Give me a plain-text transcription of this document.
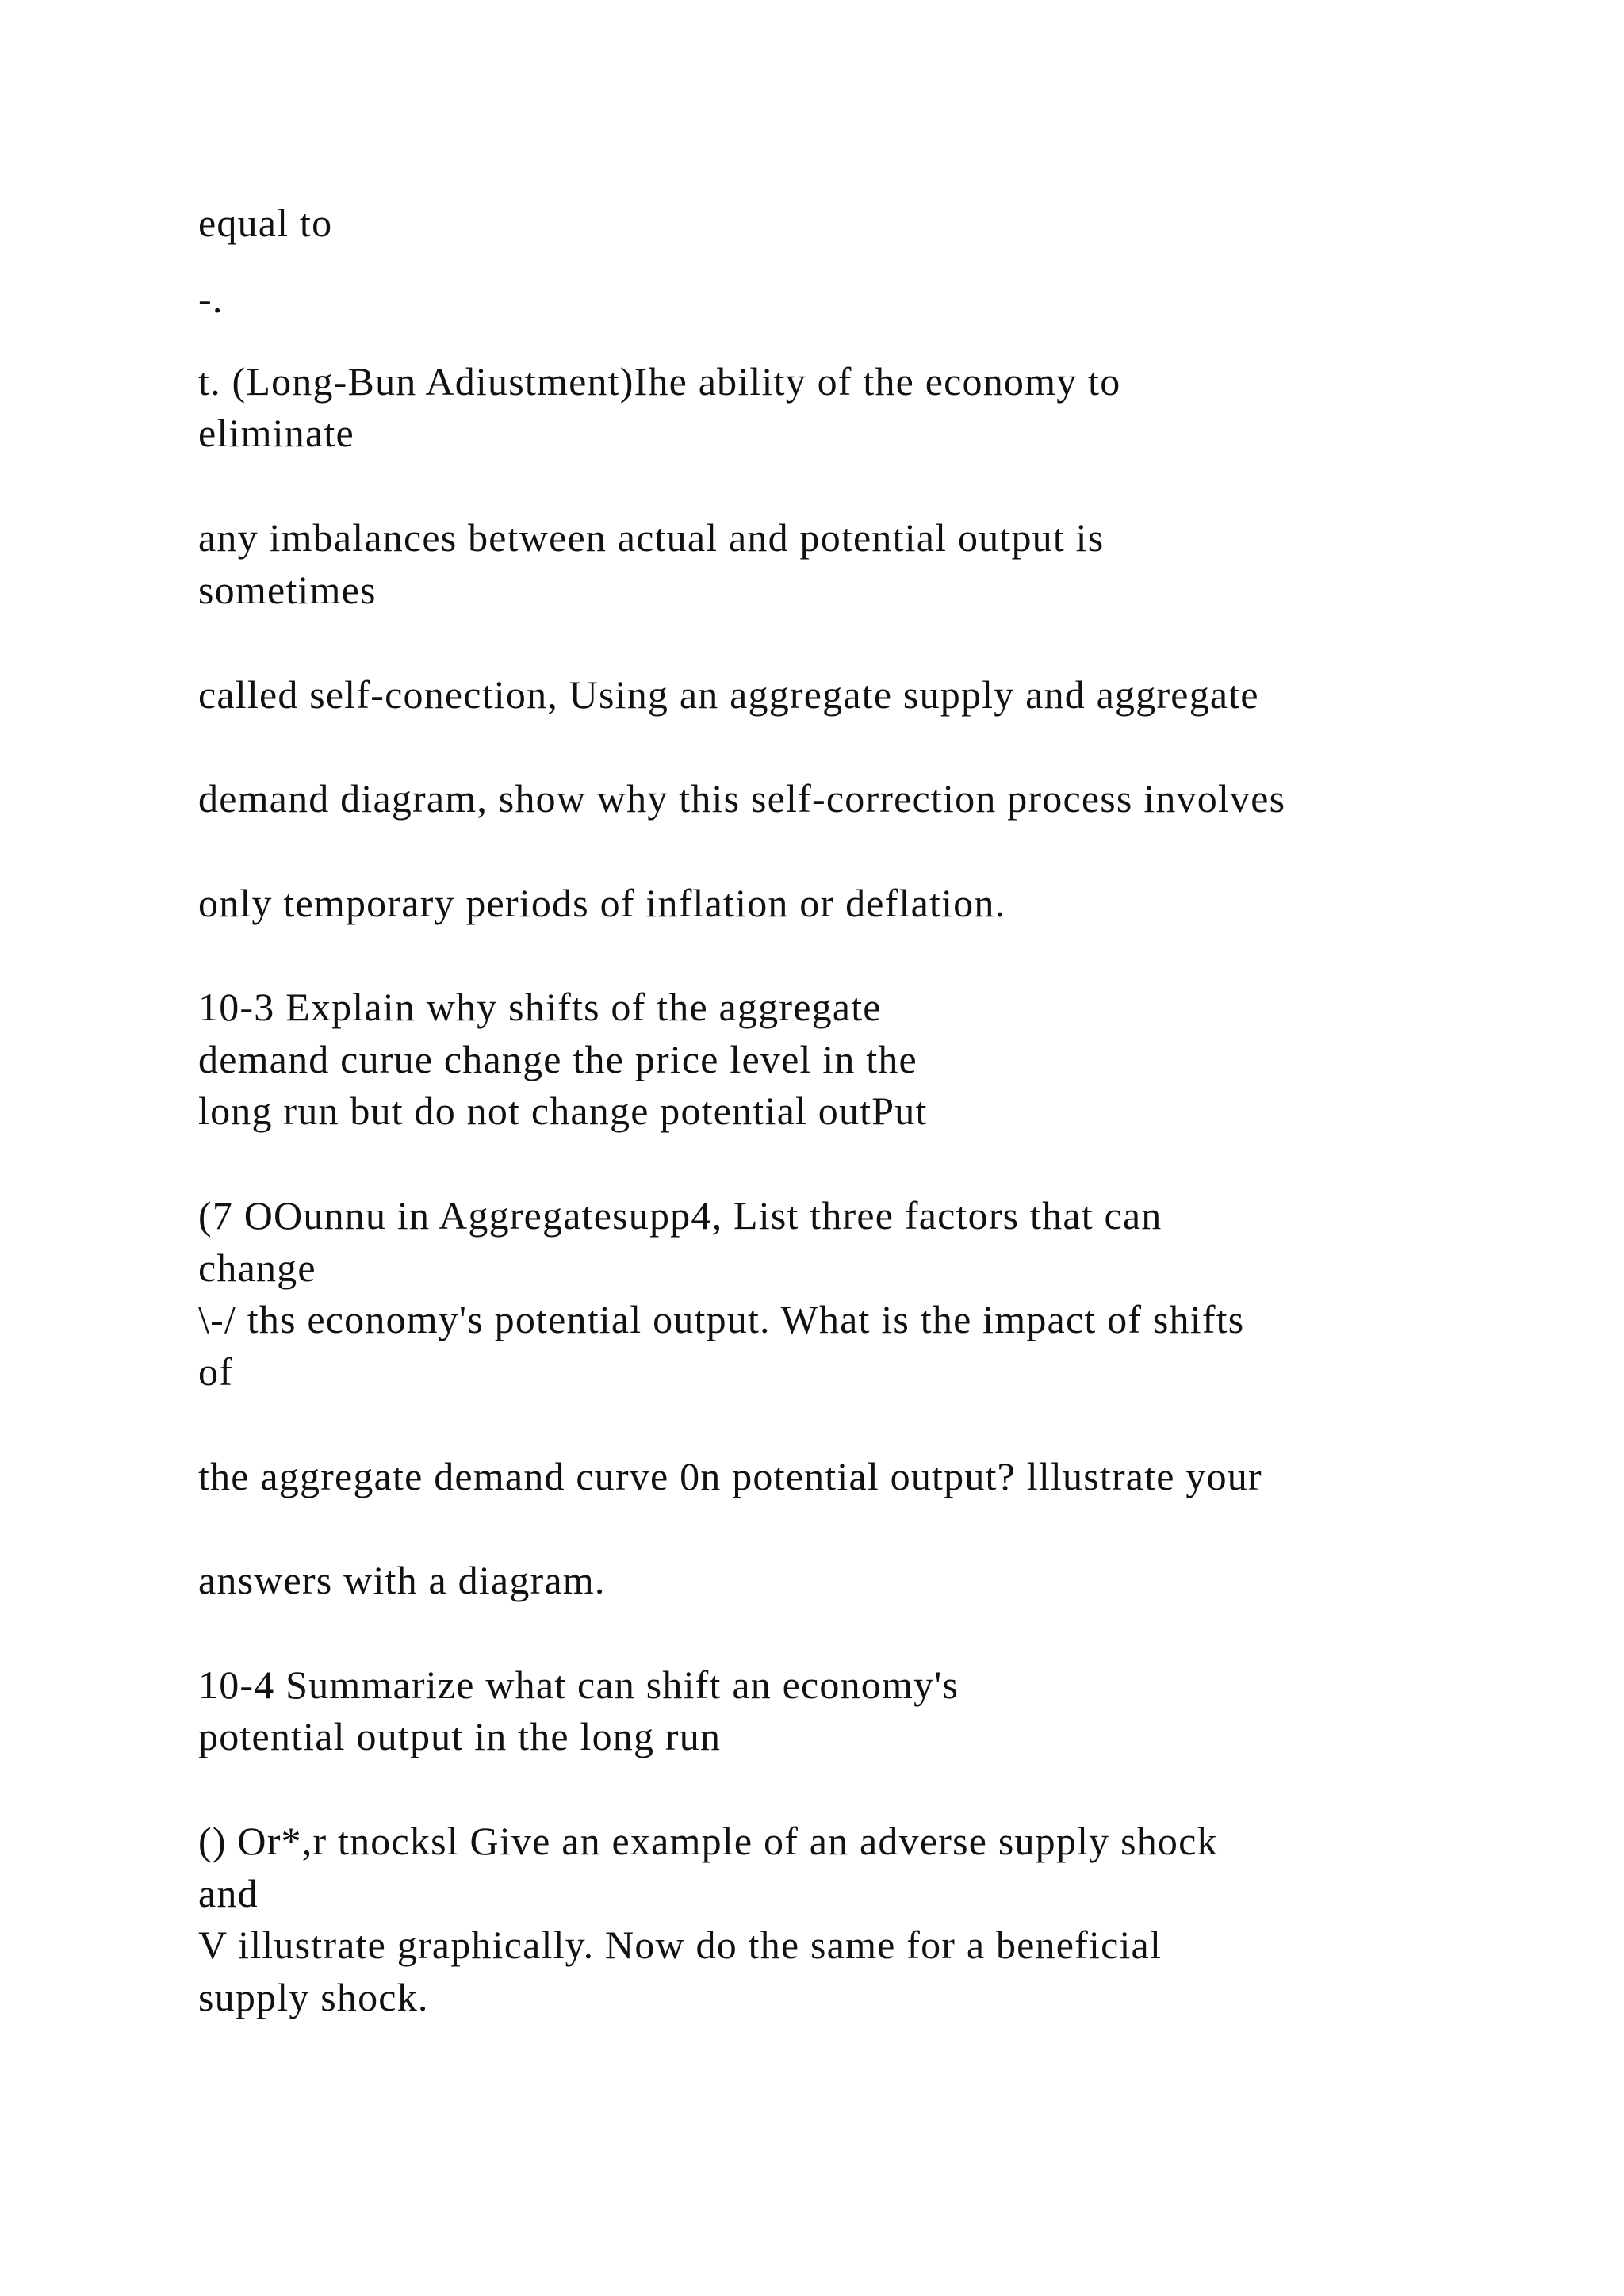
equal to
-.
t. (Long-Bun Adiustment)Ihe ability of the economy to
eliminate
any imbalances between actual and potential output is
sometimes
called self-conection, Using an aggregate supply and aggregate
demand diagram, show why this self-correction process involves
only temporary periods of inflation or deflation.
10-3 Explain why shifts of the aggregate
demand curue change the price level in the
long run but do not change potential outPut
(7 OOunnu in Aggregatesupp4, List three factors that can
change
\-/ ths economy's potential output. What is the impact of shifts
of
the aggregate demand curve 0n potential output? lllustrate your
answers with a diagram.
10-4 Summarize what can shift an economy's
potential output in the long run
() Or*,r tnocksl Give an example of an adverse supply shock
and
V illustrate graphically. Now do the same for a beneficial
supply shock.
